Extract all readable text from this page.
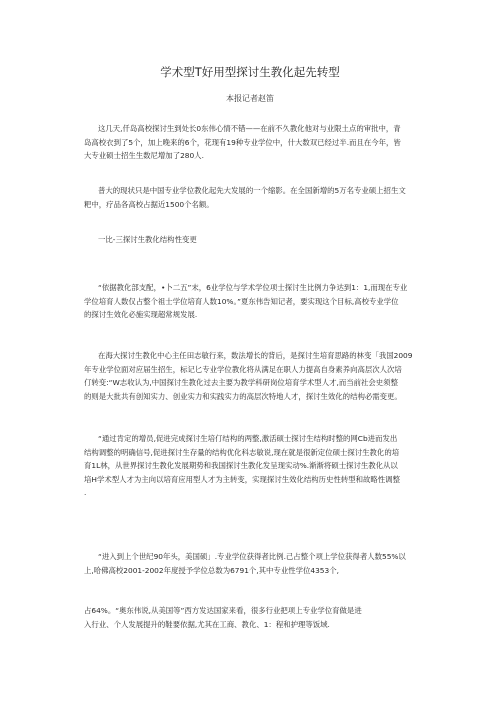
学术型T好用型探讨生教化起先转型
本报记者赵笛
这几天,仟岛高校探讨生到处长0东伟心情不错——在前不久教化他对与业限土点的审批中，青
岛高校衣到了5个，加上晚来的6个，花现有19种专业学位中，什大数双已经过半.而且在今年，皆
大专业硕士招生生数尼增加了280人.
普大的现状只是中国专业学位教化起先大发展的一个缩影。在全国新增的5万名专业硕上招生文
粑中，疗品各高校占据近1500个名额。
一比-三探讨生教化结构性变更
“依据教化部支配，•卜二五”末，6业学位与学术学位项士探讨生比例力争达到1：1,而现在专业
学位培育人数仅占整个祖士学位培育人数10%。”夏东伟告知记者，要实现这个目标,高校专业学位
的探讨生效化必施实现超常规发展.
在海大探讨生教化中心主任田志敏行来，数法增长的背后，是探讨生培育思路的林变「我国2009
年专业学位面对应届生招生，标记匕专业学位教化将从满足在职人力提高自身素养向高层次人次培
仃转变:“W志收认为,中国探讨生教化过去主要为教学科研岗位培育学术型人才,而当前社会史须整
的则是大批共有创知实力、创业实力和实践实力的高层次特地人才，探讨生效化的结构必需变更。
“通过肯定的增员,促进完成探讨生培仃结构的两整,激活硕士探讨生结构时整的网Cb进而发出
结构调整的明确信号,促进探讨生存量的结构优化科志敏说,现在就是很新定位硕士探讨生教化的培
育1L林，从世界探讨生教化发展期势和我国探讨生教化发呈现实动%.渐渐将硕士探讨生教化从以
培H学术型人才为主向以培育应用型人才为主转变，实现探讨生效化结构历史性转型和故略性调整
.
“进入到上个世纪90年头，美国硕」.专业学位获得者比例.己占整个项上学位获得者人数55%以
上,哈佛高校2001-2002年度授予学位总数为6791个,其中专业性学位4353个,
占64%。“奥东伟说,从美国等”西方发达国家来看，很多行业把项上专业学位育做是进
入行业、个人发展提升的鞋要依据,尤其在工商、教化、1：程和护理等饭域.
